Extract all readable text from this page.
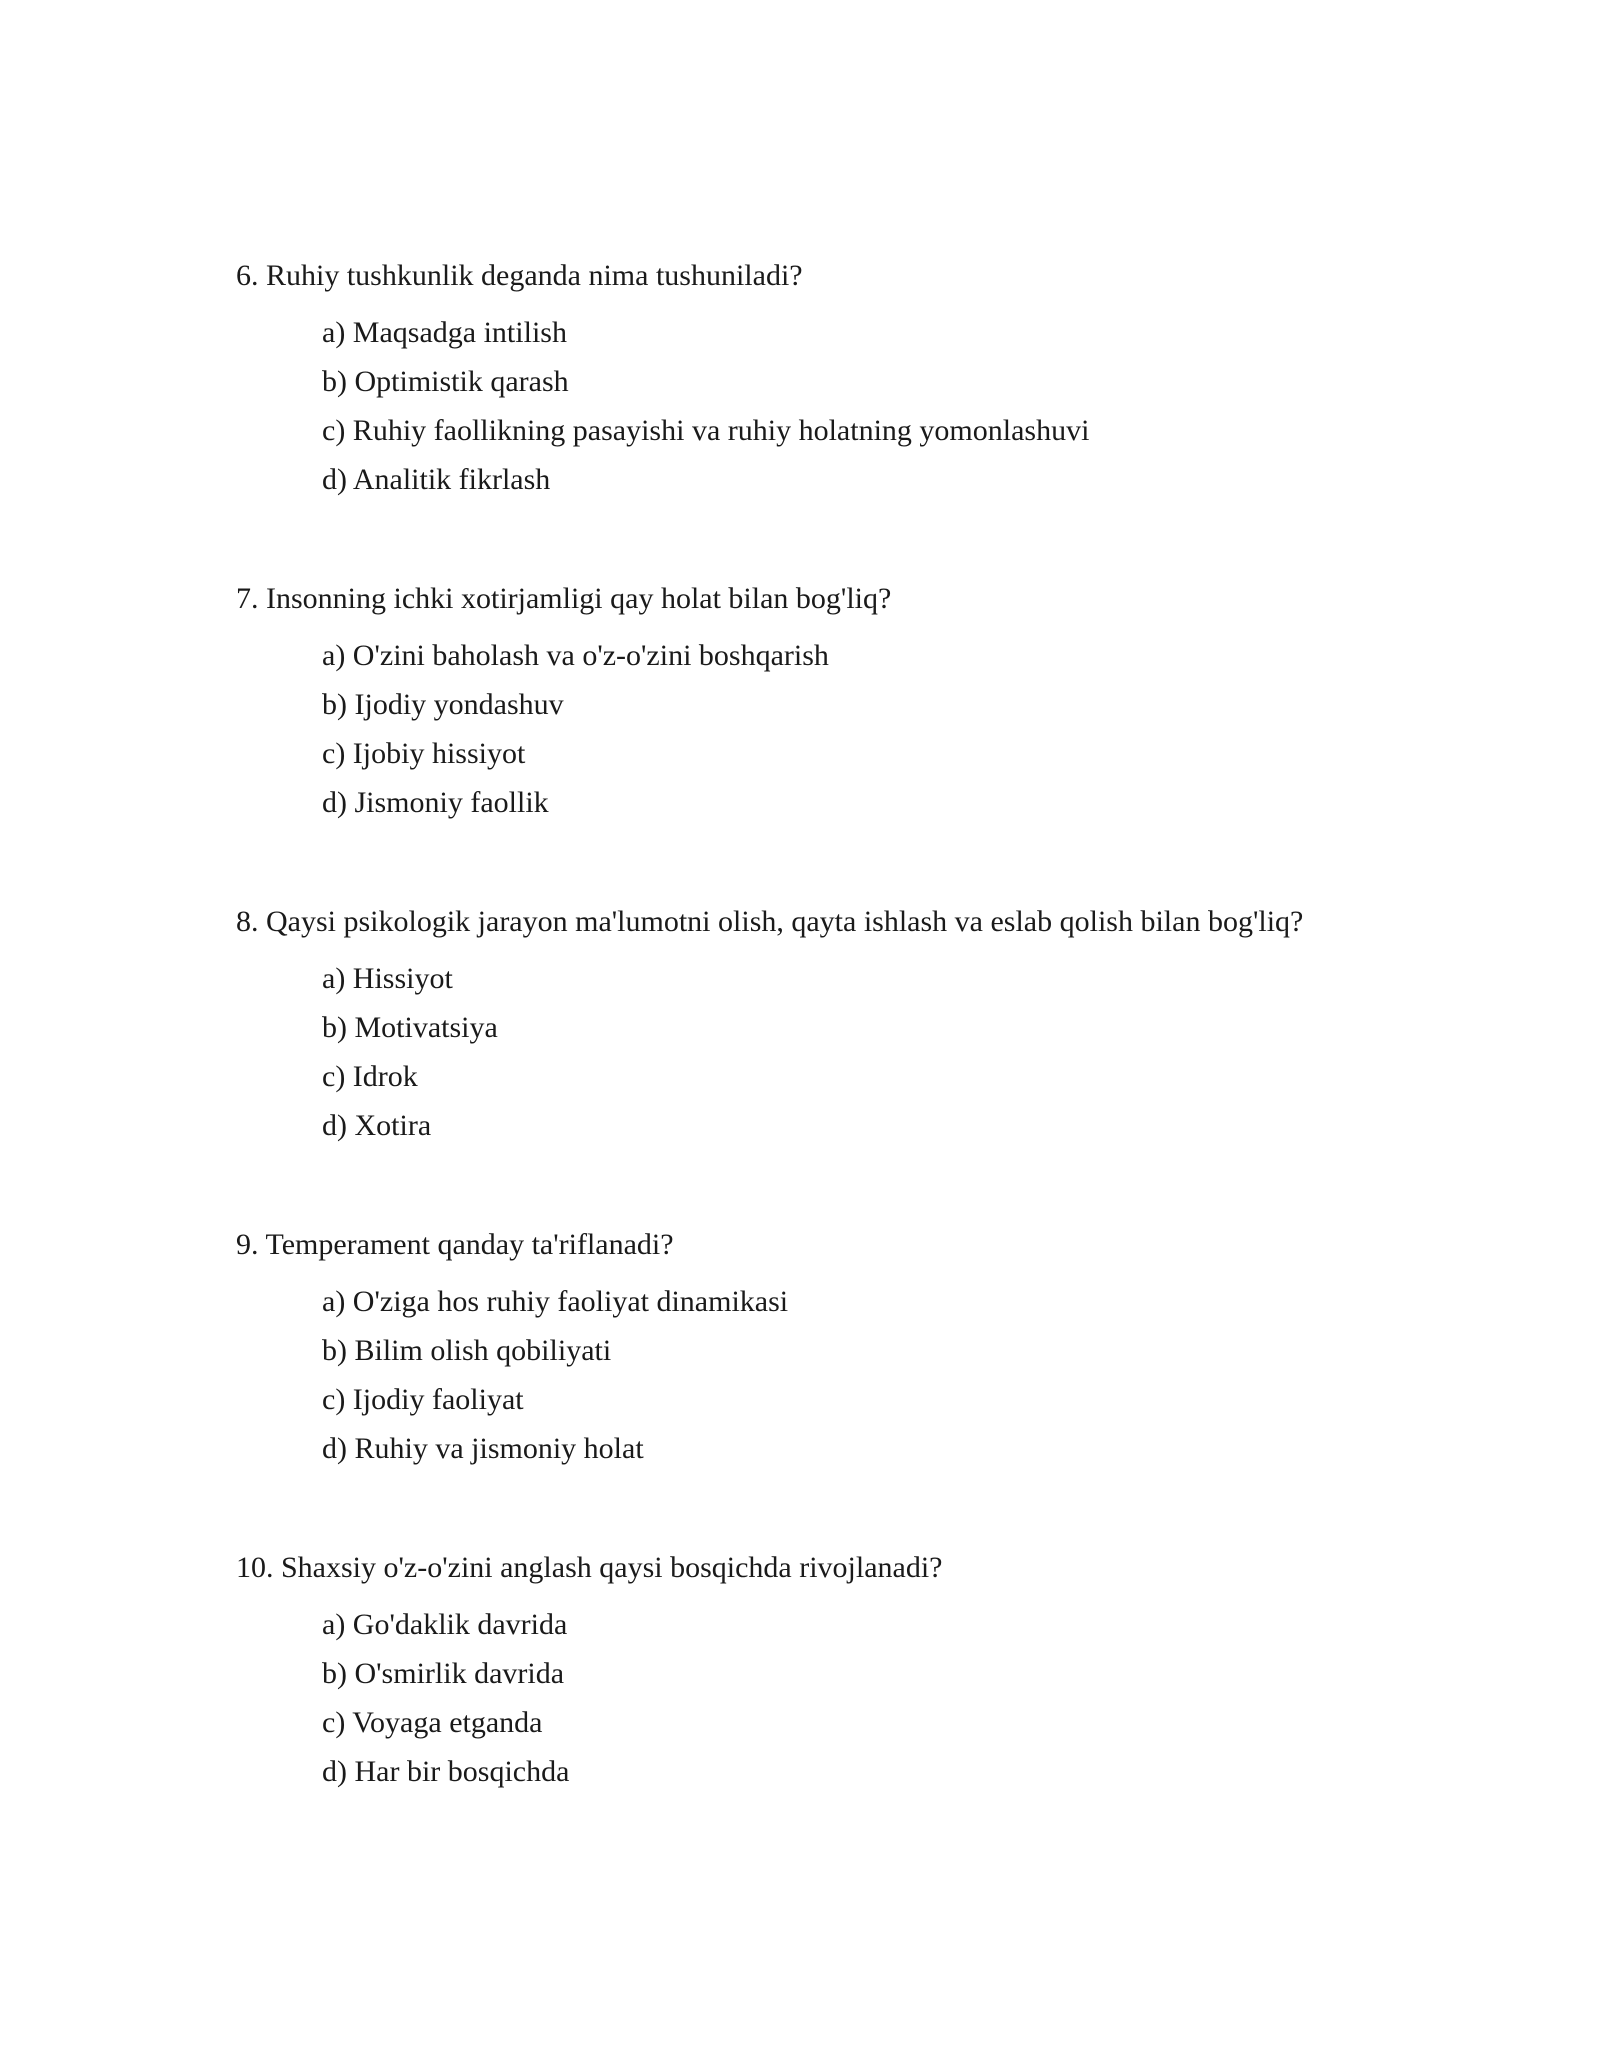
6. Ruhiy tushkunlik deganda nima tushuniladi?
a) Maqsadga intilish
b) Optimistik qarash
c) Ruhiy faollikning pasayishi va ruhiy holatning yomonlashuvi
d) Analitik fikrlash
7. Insonning ichki xotirjamligi qay holat bilan bog'liq?
a) O'zini baholash va o'z-o'zini boshqarish
b) Ijodiy yondashuv
c) Ijobiy hissiyot
d) Jismoniy faollik
8. Qaysi psikologik jarayon ma'lumotni olish, qayta ishlash va eslab qolish bilan bog'liq?
a) Hissiyot
b) Motivatsiya
c) Idrok
d) Xotira
9. Temperament qanday ta'riflanadi?
a) O'ziga hos ruhiy faoliyat dinamikasi
b) Bilim olish qobiliyati
c) Ijodiy faoliyat
d) Ruhiy va jismoniy holat
10. Shaxsiy o'z-o'zini anglash qaysi bosqichda rivojlanadi?
a) Go'daklik davrida
b) O'smirlik davrida
c) Voyaga etganda
d) Har bir bosqichda
